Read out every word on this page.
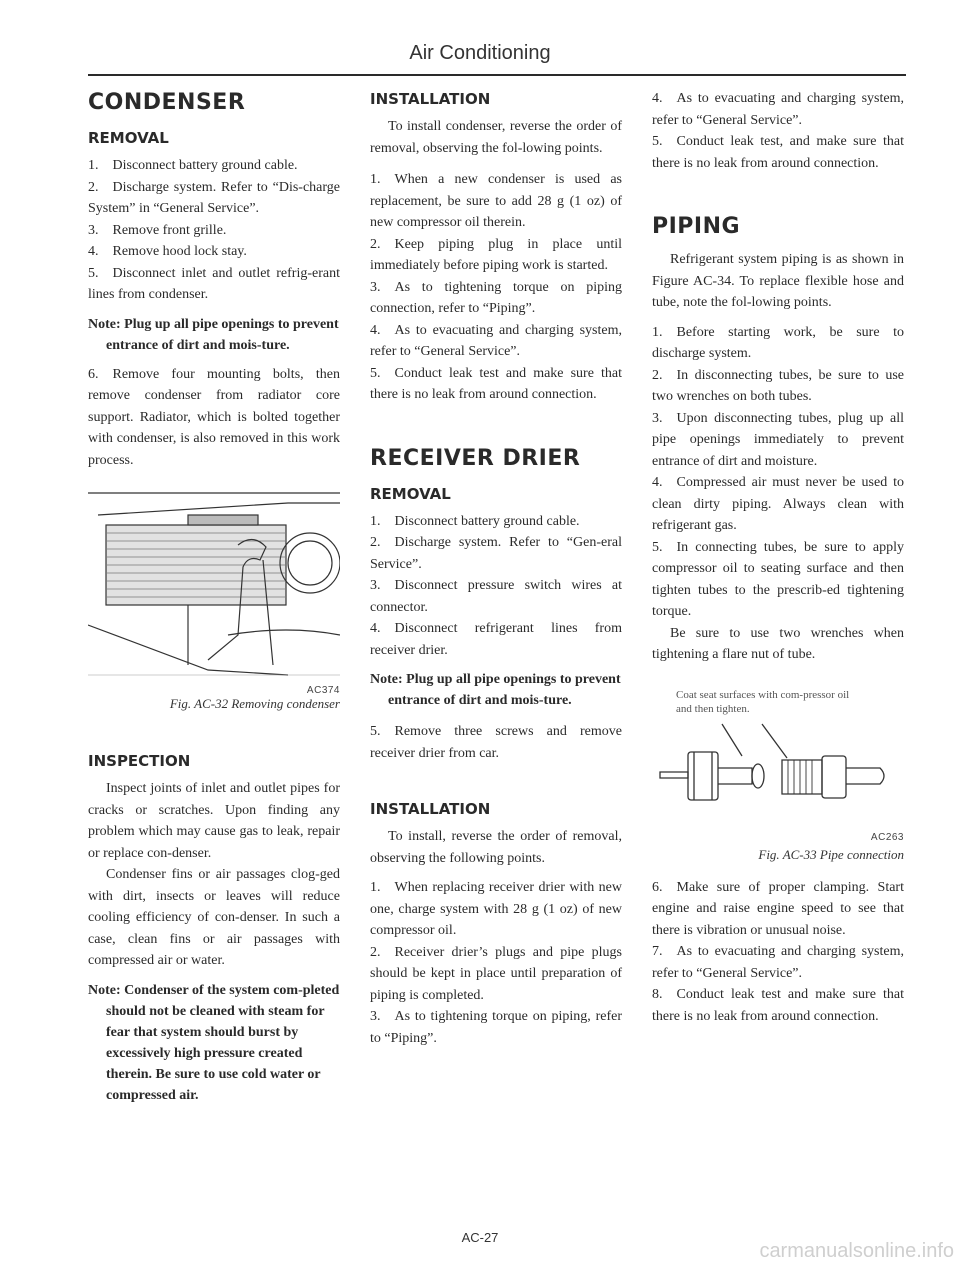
Air Conditioning
CONDENSER
REMOVAL

1. Disconnect battery ground cable.

2. Discharge system. Refer to “Dis-charge System” in “General Service”.

3. Remove front grille.

4. Remove hood lock stay.

5. Disconnect inlet and outlet refrig-erant lines from condenser.

Note: Plug up all pipe openings to prevent entrance of dirt and mois-ture.

6. Remove four mounting bolts, then remove condenser from radiator core support. Radiator, which is bolted together with condenser, is also removed in this work process.

AC374
Fig. AC-32 Removing condenser
INSPECTION

Inspect joints of inlet and outlet pipes for cracks or scratches. Upon finding any problem which may cause gas to leak, repair or replace con-denser.

Condenser fins or air passages clog-ged with dirt, insects or leaves will reduce cooling efficiency of con-denser. In such a case, clean fins or air passages with compressed air or water.

Note: Condenser of the system com-pleted should not be cleaned with steam for fear that system should burst by excessively high pressure created therein. Be sure to use cold water or compressed air.

INSTALLATION

To install condenser, reverse the order of removal, observing the fol-lowing points.

1. When a new condenser is used as replacement, be sure to add 28 g (1 oz) of new compressor oil therein.

2. Keep piping plug in place until immediately before piping work is started.

3. As to tightening torque on piping connection, refer to “Piping”.

4. As to evacuating and charging system, refer to “General Service”.

5. Conduct leak test and make sure that there is no leak from around connection.

RECEIVER DRIER
REMOVAL

1. Disconnect battery ground cable.

2. Discharge system. Refer to “Gen-eral Service”.

3. Disconnect pressure switch wires at connector.

4. Disconnect refrigerant lines from receiver drier.

Note: Plug up all pipe openings to prevent entrance of dirt and mois-ture.

5. Remove three screws and remove receiver drier from car.

INSTALLATION

To install, reverse the order of removal, observing the following points.

1. When replacing receiver drier with new one, charge system with 28 g (1 oz) of new compressor oil.

2. Receiver drier’s plugs and pipe plugs should be kept in place until preparation of piping is completed.

3. As to tightening torque on piping, refer to “Piping”.

4. As to evacuating and charging system, refer to “General Service”.

5. Conduct leak test, and make sure that there is no leak from around connection.

PIPING

Refrigerant system piping is as shown in Figure AC-34. To replace flexible hose and tube, note the fol-lowing points.

1. Before starting work, be sure to discharge system.

2. In disconnecting tubes, be sure to use two wrenches on both tubes.

3. Upon disconnecting tubes, plug up all pipe openings immediately to prevent entrance of dirt and moisture.

4. Compressed air must never be used to clean dirty piping. Always clean with refrigerant gas.

5. In connecting tubes, be sure to apply compressor oil to seating surface and then tighten tubes to the prescrib-ed tightening torque.

Be sure to use two wrenches when tightening a flare nut of tube.

Coat seat surfaces with com-pressor oil and then tighten.

AC263
Fig. AC-33 Pipe connection

6. Make sure of proper clamping. Start engine and raise engine speed to see that there is vibration or unusual noise.

7. As to evacuating and charging system, refer to “General Service”.

8. Conduct leak test and make sure that there is no leak from around connection.

AC-27
carmanualsonline.info
